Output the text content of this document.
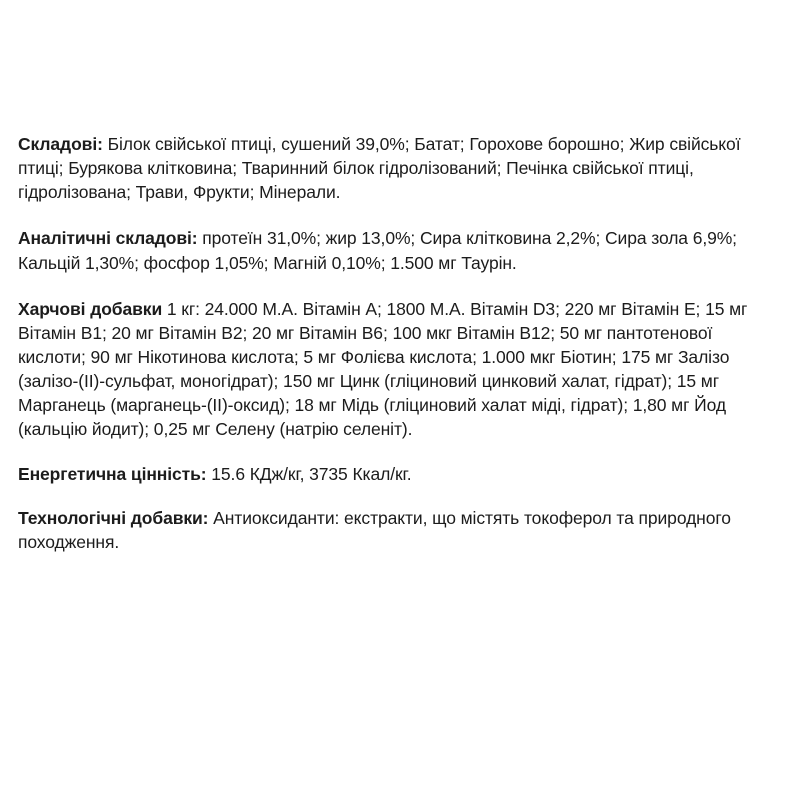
Складові: Білок свійської птиці, сушений 39,0%; Батат; Горохове борошно; Жир свійської птиці; Бурякова клітковина; Тваринний білок гідролізований; Печінка свійської птиці, гідролізована; Трави, Фрукти; Мінерали.

Аналітичні складові: протеїн 31,0%; жир 13,0%; Сира клітковина 2,2%; Сира зола 6,9%; Кальцій 1,30%; фосфор 1,05%; Магній 0,10%; 1.500 мг Таурін.

Харчові добавки 1 кг: 24.000 М.А. Вітамін A; 1800 М.А. Вітамін D3; 220 мг Вітамін E; 15 мг Вітамін B1; 20 мг Вітамін B2; 20 мг Вітамін B6; 100 мкг Вітамін B12; 50 мг пантотенової кислоти; 90 мг Нікотинова кислота; 5 мг Фолієва кислота; 1.000 мкг Біотин; 175 мг Залізо (залізо-(II)-сульфат, моногідрат); 150 мг Цинк (гліциновий цинковий халат, гідрат); 15 мг Марганець (марганець-(II)-оксид); 18 мг Мідь (гліциновий халат міді, гідрат); 1,80 мг Йод (кальцію йодит); 0,25 мг Селену (натрію селеніт).

Енергетична цінність: 15.6 КДж/кг, 3735 Ккал/кг.

Технологічні добавки: Антиоксиданти: екстракти, що містять токоферол та природного походження.
